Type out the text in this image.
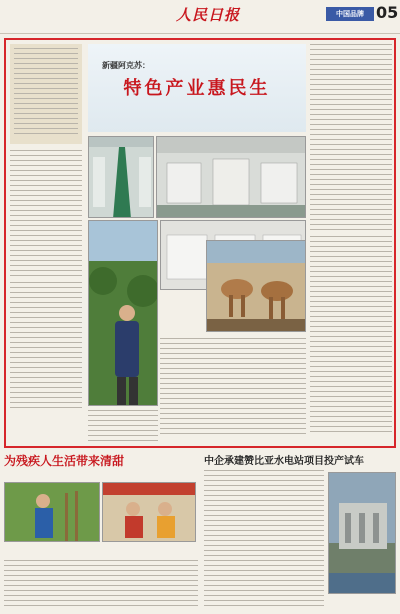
人民日报	中国品牌 05
新疆阿克苏：
特色产业惠民生
为残疾人生活带来清甜	中企承建赞比亚水电站项目投产试车
